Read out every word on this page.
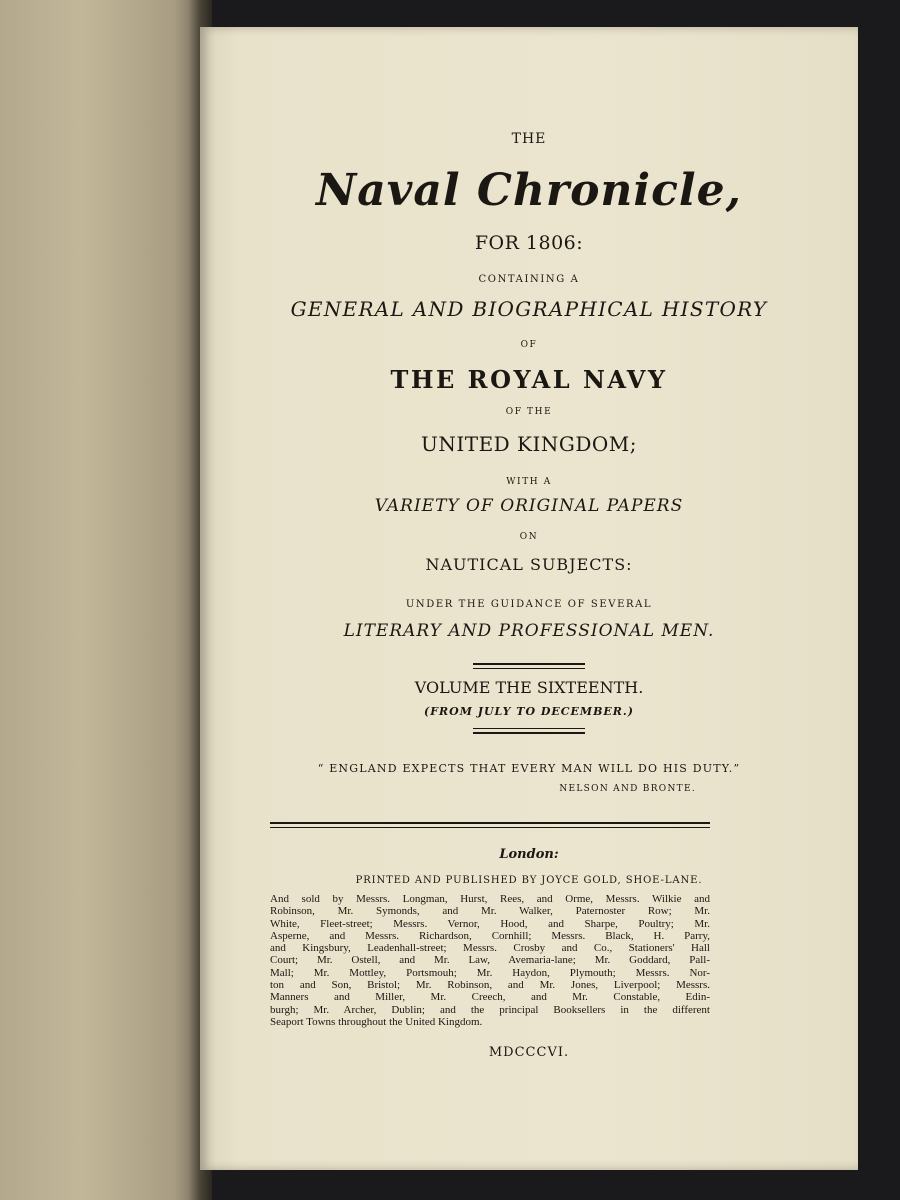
THE
Naval Chronicle,
FOR 1806:
CONTAINING A
GENERAL AND BIOGRAPHICAL HISTORY
OF
THE ROYAL NAVY
OF THE
UNITED KINGDOM;
WITH A
VARIETY OF ORIGINAL PAPERS
ON
NAUTICAL SUBJECTS:
UNDER THE GUIDANCE OF SEVERAL
LITERARY AND PROFESSIONAL MEN.
VOLUME THE SIXTEENTH.
(FROM JULY TO DECEMBER.)
“ ENGLAND EXPECTS THAT EVERY MAN WILL DO HIS DUTY.”
NELSON AND BRONTE.
London:
PRINTED AND PUBLISHED BY JOYCE GOLD, SHOE-LANE.
And sold by Messrs. Longman, Hurst, Rees, and Orme, Messrs. Wilkie and
Robinson, Mr. Symonds, and Mr. Walker, Paternoster Row; Mr.
White, Fleet-street; Messrs. Vernor, Hood, and Sharpe, Poultry; Mr.
Asperne, and Messrs. Richardson, Cornhill; Messrs. Black, H. Parry,
and Kingsbury, Leadenhall-street; Messrs. Crosby and Co., Stationers' Hall
Court; Mr. Ostell, and Mr. Law, Avemaria-lane; Mr. Goddard, Pall-
Mall; Mr. Mottley, Portsmouh; Mr. Haydon, Plymouth; Messrs. Nor-
ton and Son, Bristol; Mr. Robinson, and Mr. Jones, Liverpool; Messrs.
Manners and Miller, Mr. Creech, and Mr. Constable, Edin-
burgh; Mr. Archer, Dublin; and the principal Booksellers in the different
Seaport Towns throughout the United Kingdom.
MDCCCVI.
